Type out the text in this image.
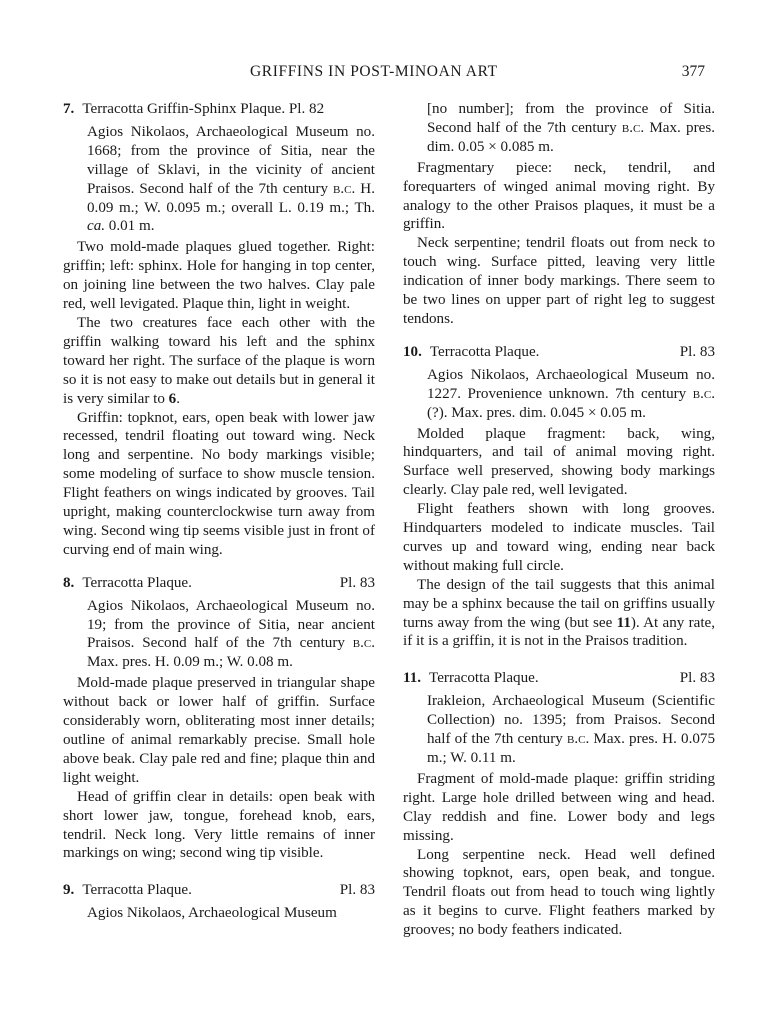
GRIFFINS IN POST-MINOAN ART	377
7. Terracotta Griffin-Sphinx Plaque. Pl. 82

Agios Nikolaos, Archaeological Museum no. 1668; from the province of Sitia, near the village of Sklavi, in the vicinity of ancient Praisos. Second half of the 7th century b.c. H. 0.09 m.; W. 0.095 m.; overall L. 0.19 m.; Th. ca. 0.01 m.

Two mold-made plaques glued together. Right: griffin; left: sphinx. Hole for hanging in top center, on joining line between the two halves. Clay pale red, well levigated. Plaque thin, light in weight.

The two creatures face each other with the griffin walking toward his left and the sphinx toward her right. The surface of the plaque is worn so it is not easy to make out details but in general it is very similar to 6.

Griffin: topknot, ears, open beak with lower jaw recessed, tendril floating out toward wing. Neck long and serpentine. No body markings visible; some modeling of surface to show muscle tension. Flight feathers on wings indicated by grooves. Tail upright, making counterclockwise turn away from wing. Second wing tip seems visible just in front of curving end of main wing.

8. Terracotta Plaque.	Pl. 83

Agios Nikolaos, Archaeological Museum no. 19; from the province of Sitia, near ancient Praisos. Second half of the 7th century b.c. Max. pres. H. 0.09 m.; W. 0.08 m.

Mold-made plaque preserved in triangular shape without back or lower half of griffin. Surface considerably worn, obliterating most inner details; outline of animal remarkably precise. Small hole above beak. Clay pale red and fine; plaque thin and light weight.

Head of griffin clear in details: open beak with short lower jaw, tongue, forehead knob, ears, tendril. Neck long. Very little remains of inner markings on wing; second wing tip visible.

9. Terracotta Plaque.	Pl. 83

Agios Nikolaos, Archaeological Museum

[no number]; from the province of Sitia. Second half of the 7th century b.c. Max. pres. dim. 0.05 × 0.085 m.

Fragmentary piece: neck, tendril, and forequarters of winged animal moving right. By analogy to the other Praisos plaques, it must be a griffin.

Neck serpentine; tendril floats out from neck to touch wing. Surface pitted, leaving very little indication of inner body markings. There seem to be two lines on upper part of right leg to suggest tendons.

10. Terracotta Plaque.	Pl. 83

Agios Nikolaos, Archaeological Museum no. 1227. Provenience unknown. 7th century b.c. (?). Max. pres. dim. 0.045 × 0.05 m.

Molded plaque fragment: back, wing, hindquarters, and tail of animal moving right. Surface well preserved, showing body markings clearly. Clay pale red, well levigated.

Flight feathers shown with long grooves. Hindquarters modeled to indicate muscles. Tail curves up and toward wing, ending near back without making full circle.

The design of the tail suggests that this animal may be a sphinx because the tail on griffins usually turns away from the wing (but see 11). At any rate, if it is a griffin, it is not in the Praisos tradition.

11. Terracotta Plaque.	Pl. 83

Irakleion, Archaeological Museum (Scientific Collection) no. 1395; from Praisos. Second half of the 7th century b.c. Max. pres. H. 0.075 m.; W. 0.11 m.

Fragment of mold-made plaque: griffin striding right. Large hole drilled between wing and head. Clay reddish and fine. Lower body and legs missing.

Long serpentine neck. Head well defined showing topknot, ears, open beak, and tongue. Tendril floats out from head to touch wing lightly as it begins to curve. Flight feathers marked by grooves; no body feathers indicated.
